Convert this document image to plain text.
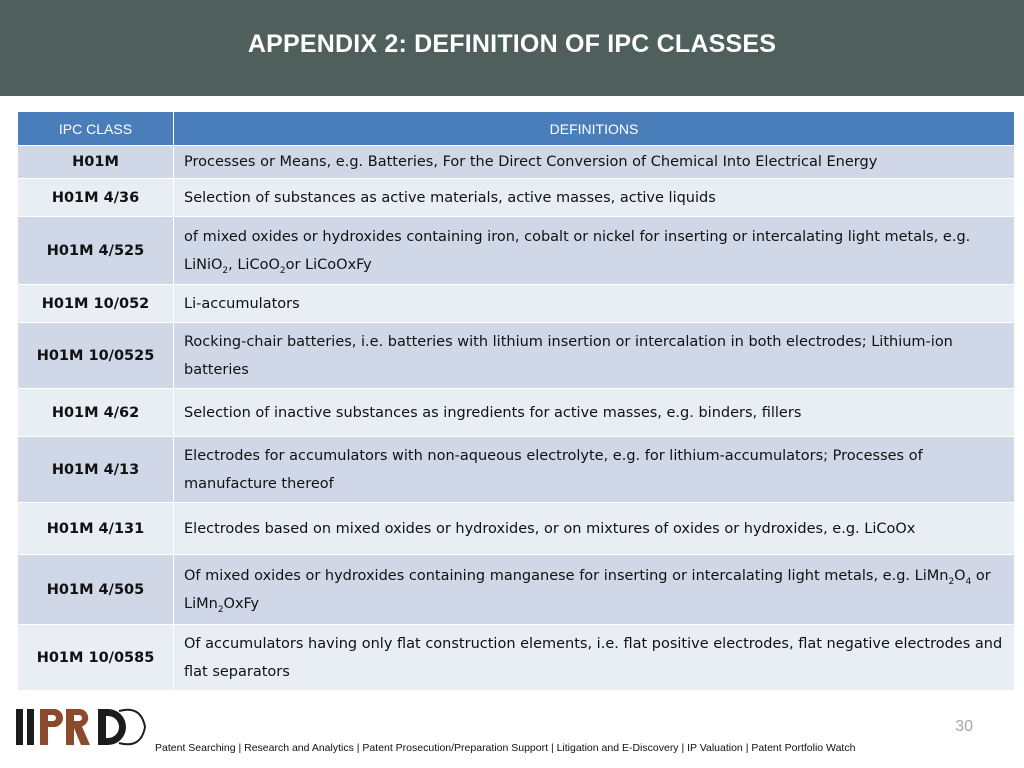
APPENDIX 2: DEFINITION OF IPC CLASSES
IPC CLASS	DEFINITIONS
H01M	Processes or Means, e.g. Batteries, For the Direct Conversion of Chemical Into Electrical Energy
H01M 4/36	Selection of substances as active materials, active masses, active liquids
H01M 4/525	of mixed oxides or hydroxides containing iron, cobalt or nickel for inserting or intercalating light metals, e.g. LiNiO$_2$, LiCoO$_2$or LiCoOxFy
H01M 10/052	Li-accumulators
H01M 10/0525	Rocking-chair batteries, i.e. batteries with lithium insertion or intercalation in both electrodes; Lithium-ion batteries
H01M 4/62	Selection of inactive substances as ingredients for active masses, e.g. binders, fillers
H01M 4/13	Electrodes for accumulators with non-aqueous electrolyte, e.g. for lithium-accumulators; Processes of manufacture thereof
H01M 4/131	Electrodes based on mixed oxides or hydroxides, or on mixtures of oxides or hydroxides, e.g. LiCoOx
H01M 4/505	Of mixed oxides or hydroxides containing manganese for inserting or intercalating light metals, e.g. $LiMn_2O_4$ or LiMn$_2$OxFy
H01M 10/0585	Of accumulators having only flat construction elements, i.e. flat positive electrodes, flat negative electrodes and flat separators
30
Patent Searching | Research and Analytics | Patent Prosecution/Preparation Support | Litigation and E-Discovery | IP Valuation | Patent Portfolio Watch
